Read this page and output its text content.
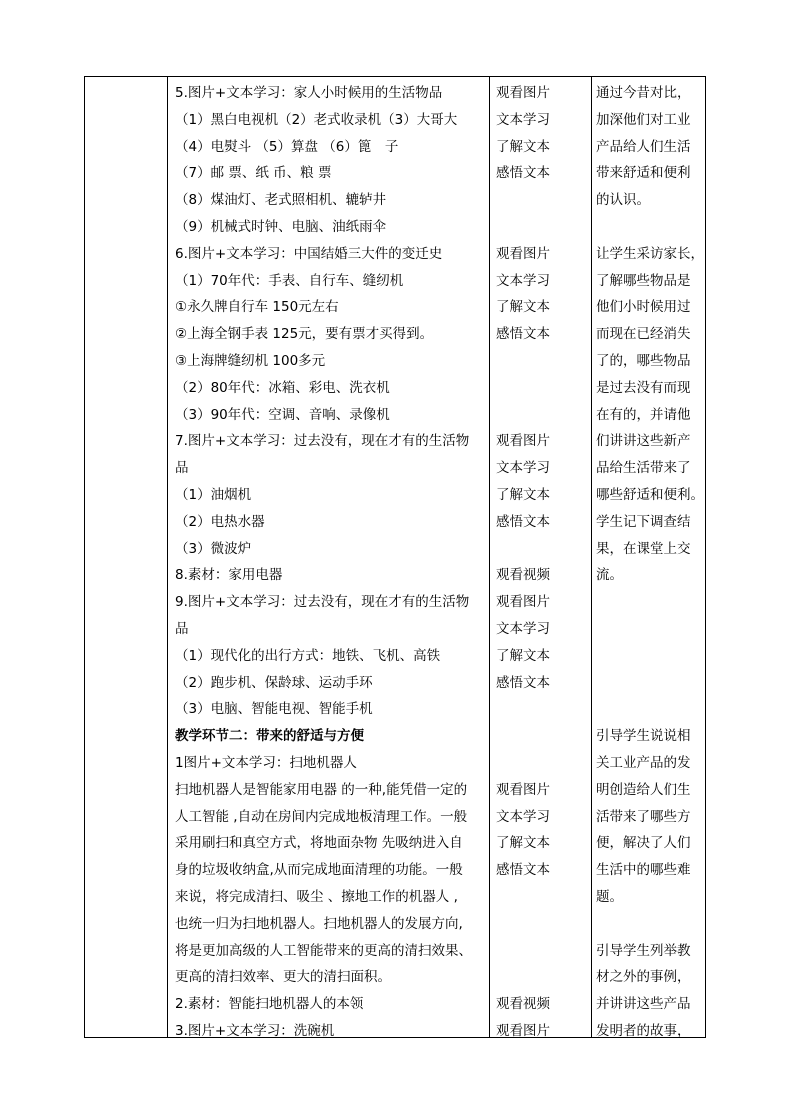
5.图片+文本学习：家人小时候用的生活物品
（1）黑白电视机（2）老式收录机（3）大哥大
（4）电熨斗 （5）算盘 （6）篦　子
（7）邮 票、纸 币、粮 票
（8）煤油灯、老式照相机、辘轳井
（9）机械式时钟、电脑、油纸雨伞
6.图片+文本学习：中国结婚三大件的变迁史
（1）70年代：手表、自行车、缝纫机
①永久牌自行车 150元左右
②上海全钢手表 125元，要有票才买得到。
③上海牌缝纫机 100多元
（2）80年代：冰箱、彩电、洗衣机
（3）90年代：空调、音响、录像机
7.图片+文本学习：过去没有，现在才有的生活物
品
（1）油烟机
（2）电热水器
（3）微波炉
8.素材：家用电器
9.图片+文本学习：过去没有，现在才有的生活物
品
（1）现代化的出行方式：地铁、飞机、高铁
（2）跑步机、保龄球、运动手环
（3）电脑、智能电视、智能手机
教学环节二：带来的舒适与方便
1图片+文本学习：扫地机器人
扫地机器人是智能家用电器 的一种,能凭借一定的
人工智能 ,自动在房间内完成地板清理工作。一般
采用刷扫和真空方式，将地面杂物 先吸纳进入自
身的垃圾收纳盒,从而完成地面清理的功能。一般
来说，将完成清扫、吸尘 、擦地工作的机器人 ,
也统一归为扫地机器人。扫地机器人的发展方向,
将是更加高级的人工智能带来的更高的清扫效果、
更高的清扫效率、更大的清扫面积。
2.素材：智能扫地机器人的本领
3.图片+文本学习：洗碗机
观看图片
文本学习
了解文本
感悟文本
观看图片
文本学习
了解文本
感悟文本
观看图片
文本学习
了解文本
感悟文本
观看视频
观看图片
文本学习
了解文本
感悟文本
观看图片
文本学习
了解文本
感悟文本
观看视频
观看图片
通过今昔对比，
加深他们对工业
产品给人们生活
带来舒适和便利
的认识。
让学生采访家长，
了解哪些物品是
他们小时候用过
而现在已经消失
了的，哪些物品
是过去没有而现
在有的，并请他
们讲讲这些新产
品给生活带来了
哪些舒适和便利。
学生记下调查结
果，在课堂上交
流。
引导学生说说相
关工业产品的发
明创造给人们生
活带来了哪些方
便，解决了人们
生活中的哪些难
题。
引导学生列举教
材之外的事例，
并讲讲这些产品
发明者的故事，
